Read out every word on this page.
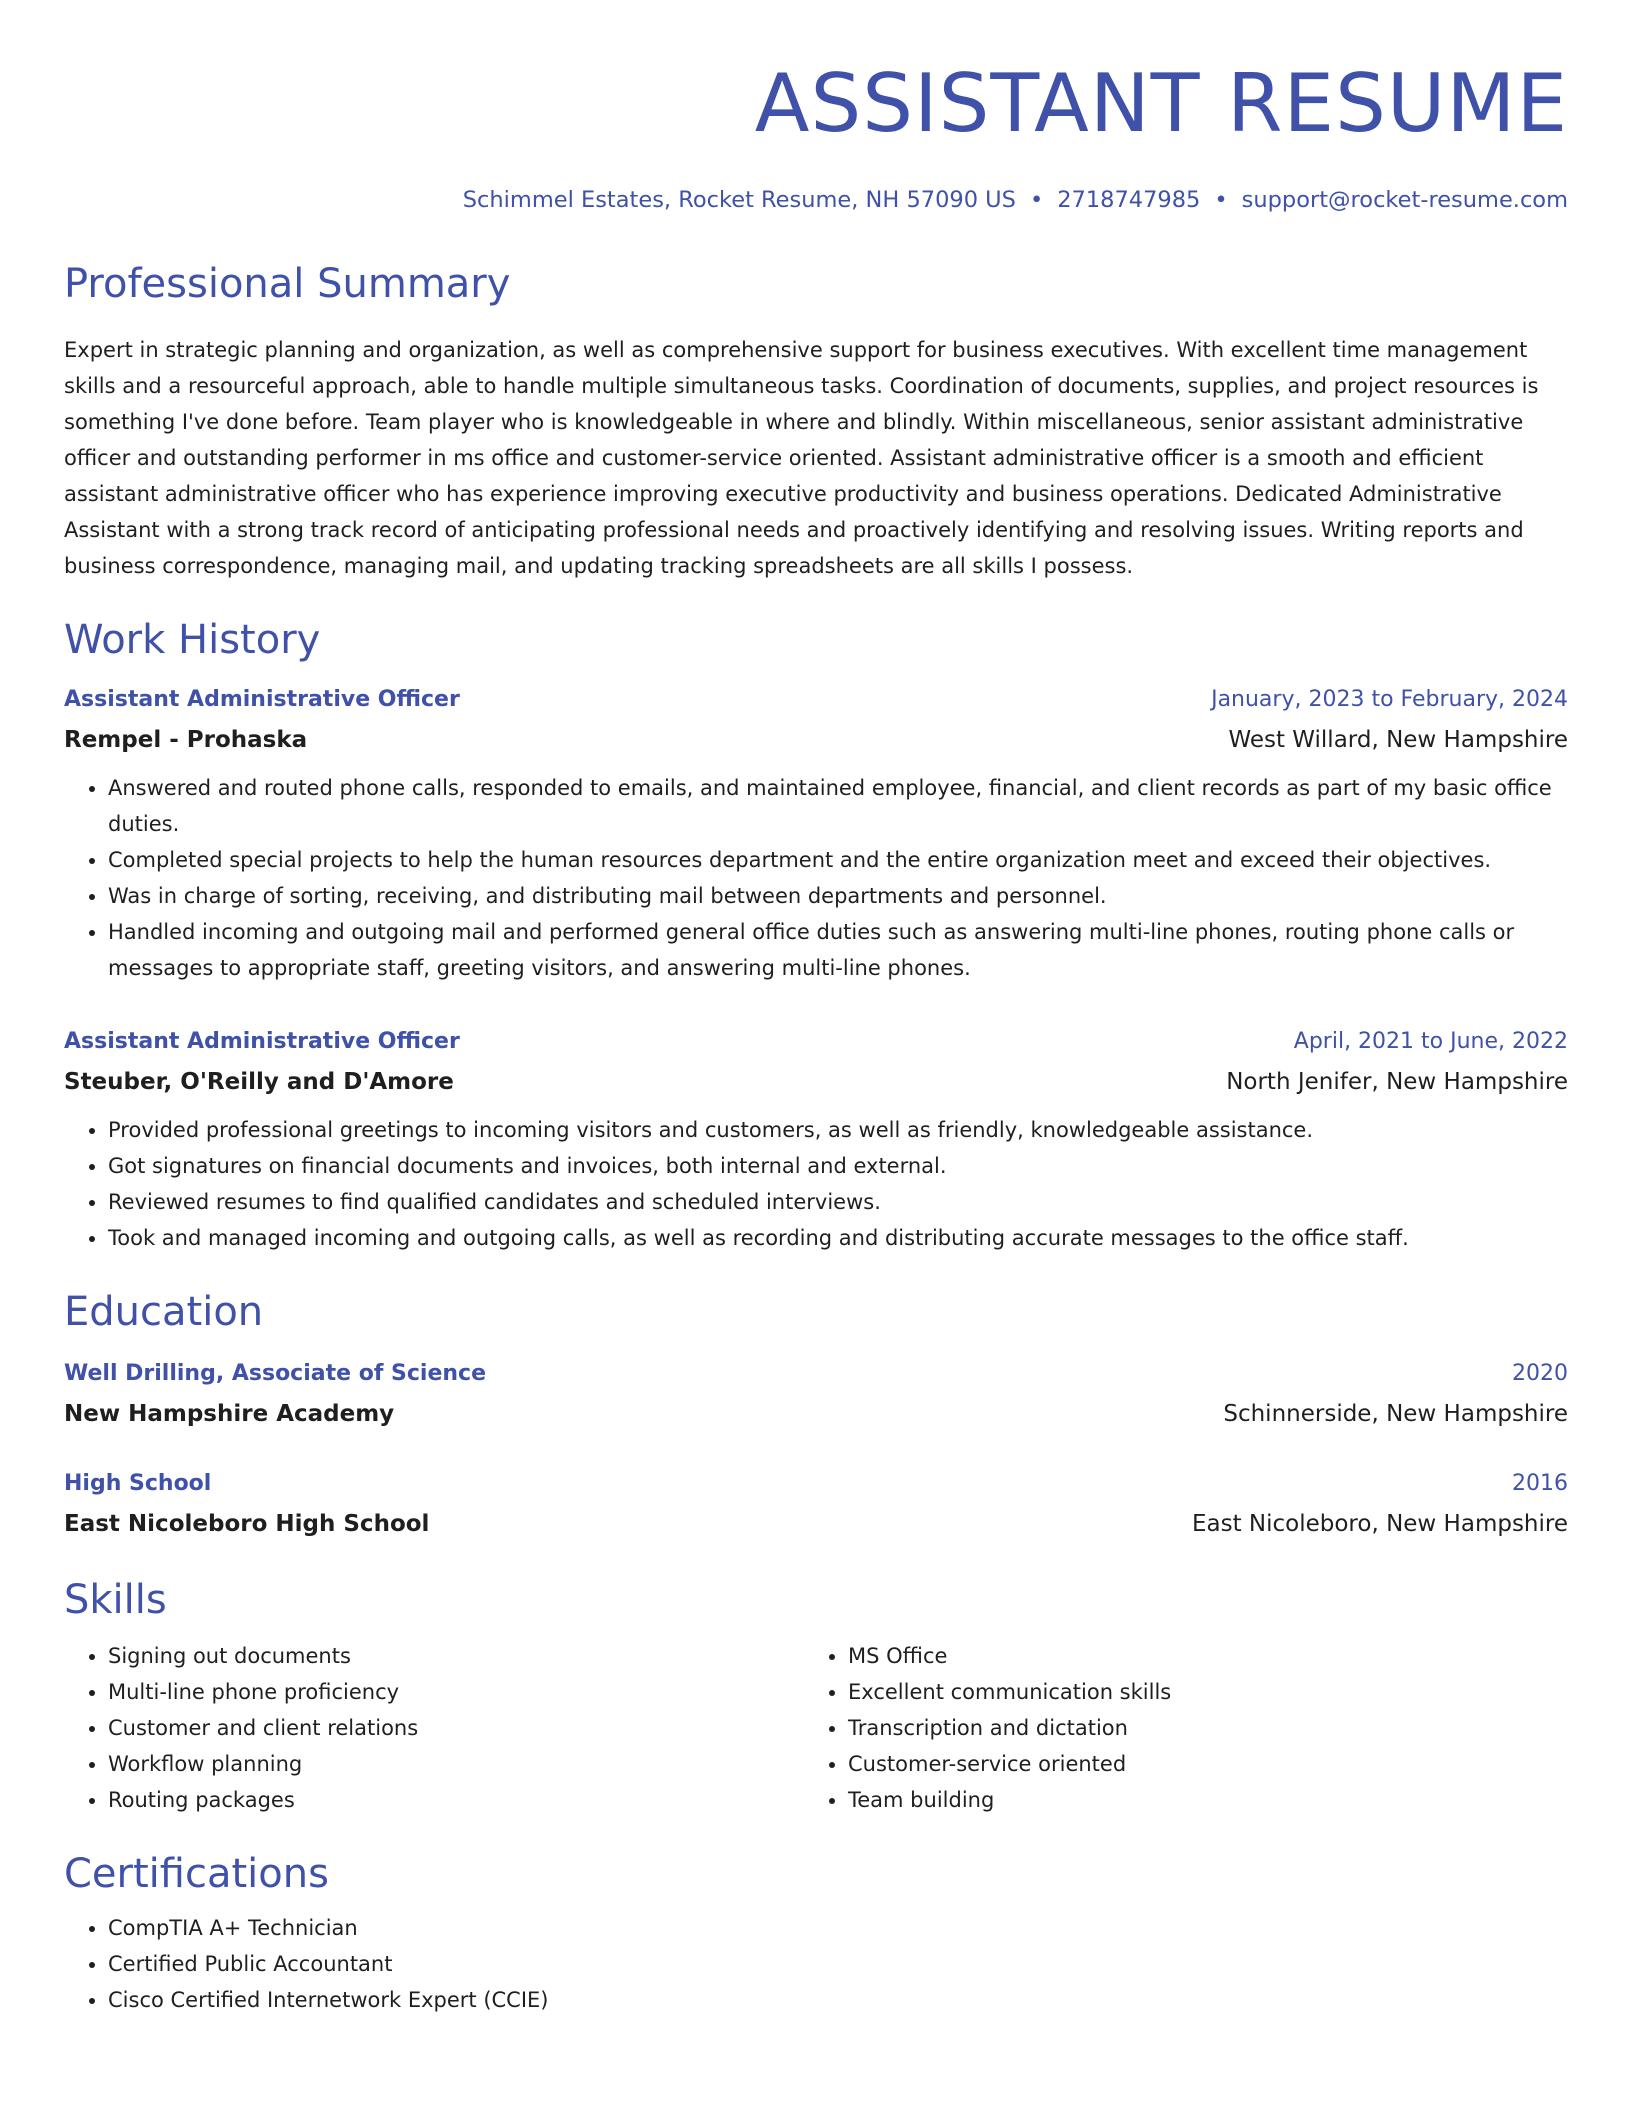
ASSISTANT RESUME
Schimmel Estates, Rocket Resume, NH 57090 US • 2718747985 • support@rocket-resume.com
Professional Summary
Expert in strategic planning and organization, as well as comprehensive support for business executives. With excellent time management skills and a resourceful approach, able to handle multiple simultaneous tasks. Coordination of documents, supplies, and project resources is something I've done before. Team player who is knowledgeable in where and blindly. Within miscellaneous, senior assistant administrative officer and outstanding performer in ms office and customer-service oriented. Assistant administrative officer is a smooth and efficient assistant administrative officer who has experience improving executive productivity and business operations. Dedicated Administrative Assistant with a strong track record of anticipating professional needs and proactively identifying and resolving issues. Writing reports and business correspondence, managing mail, and updating tracking spreadsheets are all skills I possess.
Work History
Assistant Administrative Officer	January, 2023 to February, 2024
Rempel - Prohaska	West Willard, New Hampshire
• Answered and routed phone calls, responded to emails, and maintained employee, financial, and client records as part of my basic office duties.
• Completed special projects to help the human resources department and the entire organization meet and exceed their objectives.
• Was in charge of sorting, receiving, and distributing mail between departments and personnel.
• Handled incoming and outgoing mail and performed general office duties such as answering multi-line phones, routing phone calls or messages to appropriate staff, greeting visitors, and answering multi-line phones.
Assistant Administrative Officer	April, 2021 to June, 2022
Steuber, O'Reilly and D'Amore	North Jenifer, New Hampshire
• Provided professional greetings to incoming visitors and customers, as well as friendly, knowledgeable assistance.
• Got signatures on financial documents and invoices, both internal and external.
• Reviewed resumes to find qualified candidates and scheduled interviews.
• Took and managed incoming and outgoing calls, as well as recording and distributing accurate messages to the office staff.
Education
Well Drilling, Associate of Science	2020
New Hampshire Academy	Schinnerside, New Hampshire
High School	2016
East Nicoleboro High School	East Nicoleboro, New Hampshire
Skills
• Signing out documents
• Multi-line phone proficiency
• Customer and client relations
• Workflow planning
• Routing packages
• MS Office
• Excellent communication skills
• Transcription and dictation
• Customer-service oriented
• Team building
Certifications
• CompTIA A+ Technician
• Certified Public Accountant
• Cisco Certified Internetwork Expert (CCIE)
